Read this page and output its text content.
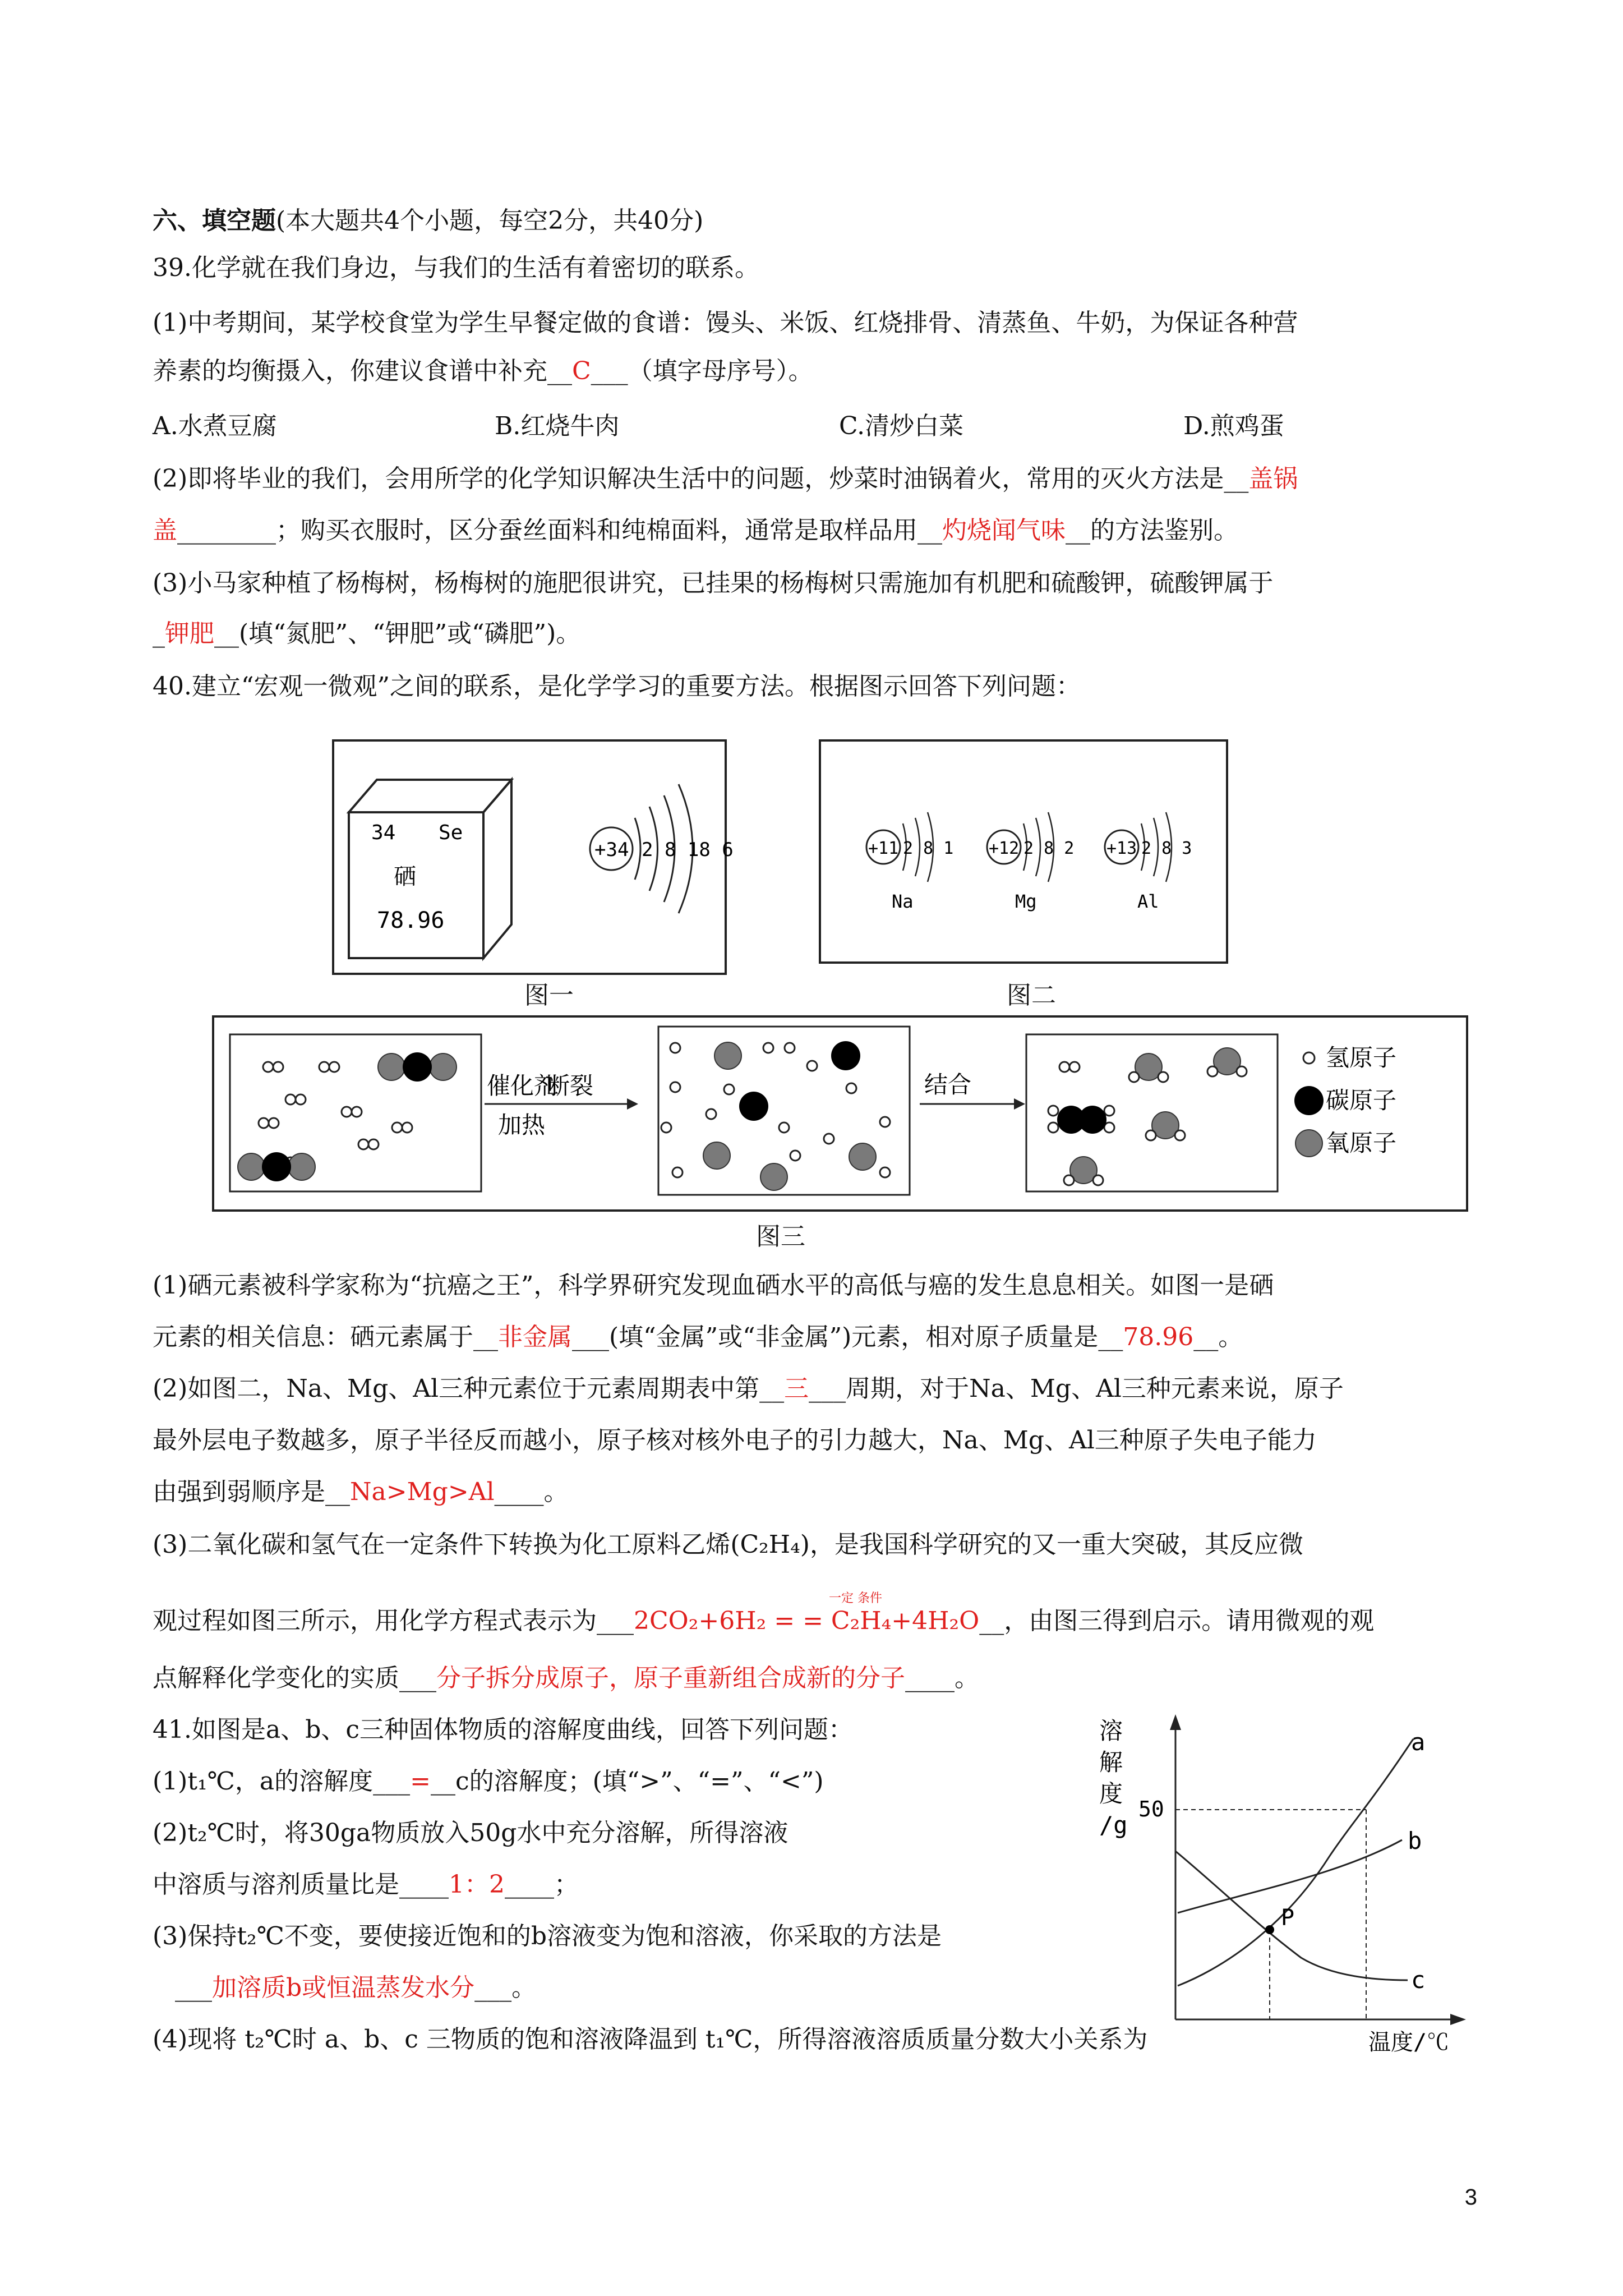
六、填空题(本大题共4个小题，每空2分，共40分)
39.化学就在我们身边，与我们的生活有着密切的联系。
(1)中考期间，某学校食堂为学生早餐定做的食谱：馒头、米饭、红烧排骨、清蒸鱼、牛奶，为保证各种营
养素的均衡摄入，你建议食谱中补充__C___（填字母序号）。
A.水煮豆腐	B.红烧牛肉	C.清炒白菜	D.煎鸡蛋
(2)即将毕业的我们，会用所学的化学知识解决生活中的问题，炒菜时油锅着火，常用的灭火方法是__盖锅
盖________；购买衣服时，区分蚕丝面料和纯棉面料，通常是取样品用__灼烧闻气味__的方法鉴别。
(3)小马家种植了杨梅树，杨梅树的施肥很讲究，已挂果的杨梅树只需施加有机肥和硫酸钾，硫酸钾属于
_钾肥__(填“氮肥”、“钾肥”或“磷肥”)。
40.建立“宏观一微观”之间的联系，是化学学习的重要方法。根据图示回答下列问题：
34 Se
硒
78.96
+34 2 8 18 6
图一
+11 2 8 1
Na
+12 2 8 2
Mg
+13 2 8 3
Al
图二
催化剂
加热
断裂	结合
氢原子
碳原子
氧原子
图三
(1)硒元素被科学家称为“抗癌之王”，科学界研究发现血硒水平的高低与癌的发生息息相关。如图一是硒
元素的相关信息：硒元素属于__非金属___(填“金属”或“非金属”)元素，相对原子质量是__78.96__。
(2)如图二，Na、Mg、Al三种元素位于元素周期表中第__三___周期，对于Na、Mg、Al三种元素来说，原子
最外层电子数越多，原子半径反而越小，原子核对核外电子的引力越大，Na、Mg、Al三种原子失电子能力
由强到弱顺序是__Na>Mg>Al____。
(3)二氧化碳和氢气在一定条件下转换为化工原料乙烯(C₂H₄)，是我国科学研究的又一重大突破，其反应微
一定 条件
观过程如图三所示，用化学方程式表示为___2CO₂+6H₂ = = C₂H₄+4H₂O__，由图三得到启示。请用微观的观
点解释化学变化的实质___分子拆分成原子，原子重新组合成新的分子____。
41.如图是a、b、c三种固体物质的溶解度曲线，回答下列问题：
(1)t₁℃，a的溶解度___=__c的溶解度；(填“>”、“=”、“<”)
(2)t₂℃时，将30ga物质放入50g水中充分溶解，所得溶液
中溶质与溶剂质量比是____1：2____；
(3)保持t₂℃不变，要使接近饱和的b溶液变为饱和溶液，你采取的方法是
___加溶质b或恒温蒸发水分___。
(4)现将 t₂℃时 a、b、c 三物质的饱和溶液降温到 t₁℃，所得溶液溶质质量分数大小关系为
溶
解
度
/g
50
P
a
b
c
温度/℃
3
